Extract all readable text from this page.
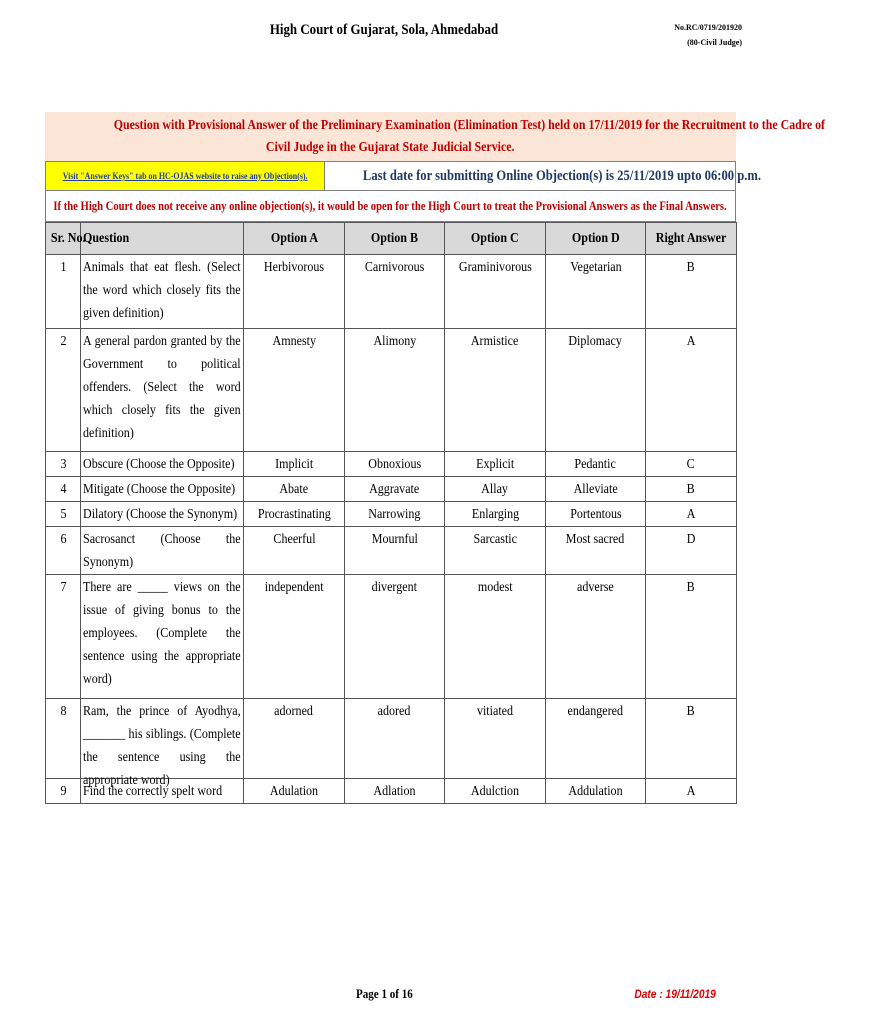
High Court of Gujarat, Sola, Ahmedabad	No.RC/0719/201920
(80-Civil Judge)
Question with Provisional Answer of the Preliminary Examination (Elimination Test) held on 17/11/2019 for the Recruitment to the Cadre of
Civil Judge in the Gujarat State Judicial Service.
Visit "Answer Keys" tab on HC-OJAS website to raise any Objection(s).	Last date for submitting Online Objection(s) is 25/11/2019 upto 06:00 p.m.
If the High Court does not receive any online objection(s), it would be open for the High Court to treat the Provisional Answers as the Final Answers.
Sr. No.	Question	Option A	Option B	Option C	Option D	Right Answer
1	Animals that eat flesh. (Select the word which closely fits the given definition)	Herbivorous	Carnivorous	Graminivorous	Vegetarian	B
2	A general pardon granted by the Government to political offenders. (Select the word which closely fits the given definition)	Amnesty	Alimony	Armistice	Diplomacy	A
3	Obscure (Choose the Opposite)	Implicit	Obnoxious	Explicit	Pedantic	C
4	Mitigate (Choose the Opposite)	Abate	Aggravate	Allay	Alleviate	B
5	Dilatory (Choose the Synonym)	Procrastinating	Narrowing	Enlarging	Portentous	A
6	Sacrosanct (Choose the Synonym)	Cheerful	Mournful	Sarcastic	Most sacred	D
7	There are _____ views on the issue of giving bonus to the employees. (Complete the sentence using the appropriate word)	independent	divergent	modest	adverse	B
8	Ram, the prince of Ayodhya, _______ his siblings. (Complete the sentence using the appropriate word)	adorned	adored	vitiated	endangered	B
9	Find the correctly spelt word	Adulation	Adlation	Adulction	Addulation	A
Page 1 of 16	Date : 19/11/2019
